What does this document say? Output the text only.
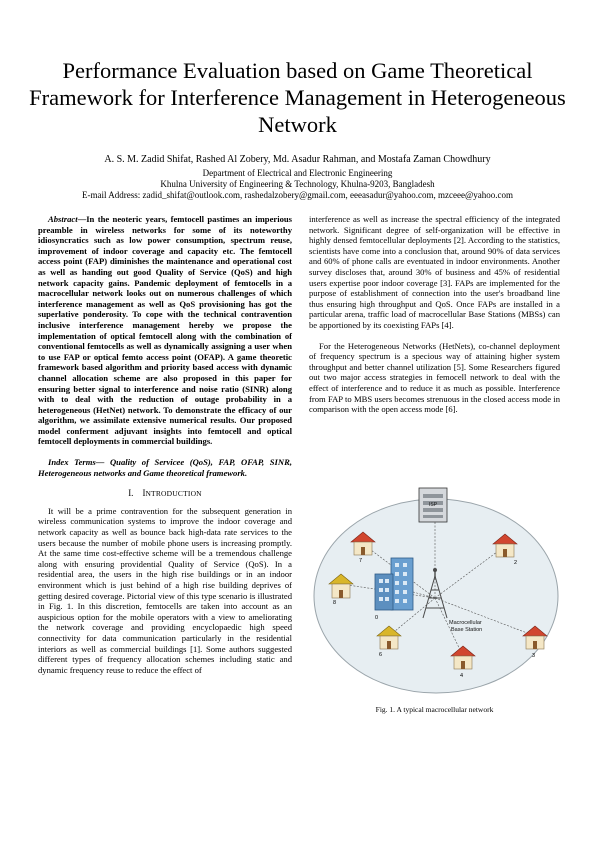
Performance Evaluation based on Game Theoretical Framework for Interference Management in Heterogeneous Network
A. S. M. Zadid Shifat, Rashed Al Zobery, Md. Asadur Rahman, and Mostafa Zaman Chowdhury
Department of Electrical and Electronic Engineering
Khulna University of Engineering & Technology, Khulna-9203, Bangladesh
E-mail Address: zadid_shifat@outlook.com, rashedalzobery@gmail.com, eeeasadur@yahoo.com, mzceee@yahoo.com

Abstract—In the neoteric years, femtocell pastimes an imperious preamble in wireless networks for some of its noteworthy idiosyncratics such as low power consumption, spectrum reuse, improvement of indoor coverage and capacity etc. The femtocell access point (FAP) diminishes the maintenance and operational cost as well as handing out good Quality of Service (QoS) and high network capacity gains. Pandemic deployment of femtocells in a macrocellular network looks out on numerous challenges of which interference management as well as QoS provisioning has got the superlative ponderosity. To cope with the technical contravention inclusive interference management hereby we propose the implementation of optical femtocell along with the combination of conventional femtocells as well as dynamically assigning a user when to use FAP or optical femto access point (OFAP). A game theoretic framework based algorithm and priority based access with dynamic channel allocation scheme are also proposed in this paper for ensuring better signal to interference and noise ratio (SINR) along with to deal with the reduction of outage probability in a heterogeneous (HetNet) network. To demonstrate the efficacy of our algorithm, we assimilate extensive numerical results. Our proposed model conferment adjuvant insights into femtocell and optical femtocell deployments in commercial buildings.

Index Terms— Quality of Servicee (QoS), FAP, OFAP, SINR, Heterogeneous networks and Game theoretical framework.

I. INTRODUCTION

It will be a prime contravention for the subsequent generation in wireless communication systems to improve the indoor coverage and network capacity as well as bounce back high-data rate services to the users because the number of mobile phone users is increasing promptly. At the same time cost-effective scheme will be a tremendous challenge along with ensuring providential Quality of Service (QoS). In a residential area, the users in the high rise buildings or in an indoor environment which is just behind of a high rise building deprives of getting desired coverage. Pictorial view of this type scenario is illustrated in Fig. 1. In this discretion, femtocells are taken into account as an auspicious option for the mobile operators with a view to ameliorating the network coverage and providing encyclopaedic high speed connectivity for data communication particularly in the residential interiors as well as commercial buildings [1]. Some authors suggested different types of frequency allocation schemes including static and dynamic frequency reuse to reduce the effect of

interference as well as increase the spectral efficiency of the integrated network. Significant degree of self-organization will be effective in highly densed femtocellular deployments [2]. According to the statistics, scientists have come into a conclusion that, around 90% of data services and 60% of phone calls are eventuated in indoor environments. Another survey discloses that, around 30% of business and 45% of residential users expertise poor indoor coverage [3]. FAPs are implemented for the purpose of establishment of connection into the user's broadband line thus ensuring high throughput and QoS. Once FAPs are installed in a particular arena, traffic load of macrocellular Base Stations (MBSs) can be apportioned by its coexisting FAPs [4].

For the Heterogeneous Networks (HetNets), co-channel deployment of frequency spectrum is a specious way of attaining higher system throughput and better channel utilization [5]. Some Researchers figured out two major access strategies in femocell network to deal with the effect of interference and to reduce it as much as possible. Interference from FAP to MBS users becomes strenuous in the closed access mode in comparison with the open access mode [6].

ISP
Macrocellular
Base Station
0
7	2
8
3
6
4
Fig. 1. A typical macrocellular network
